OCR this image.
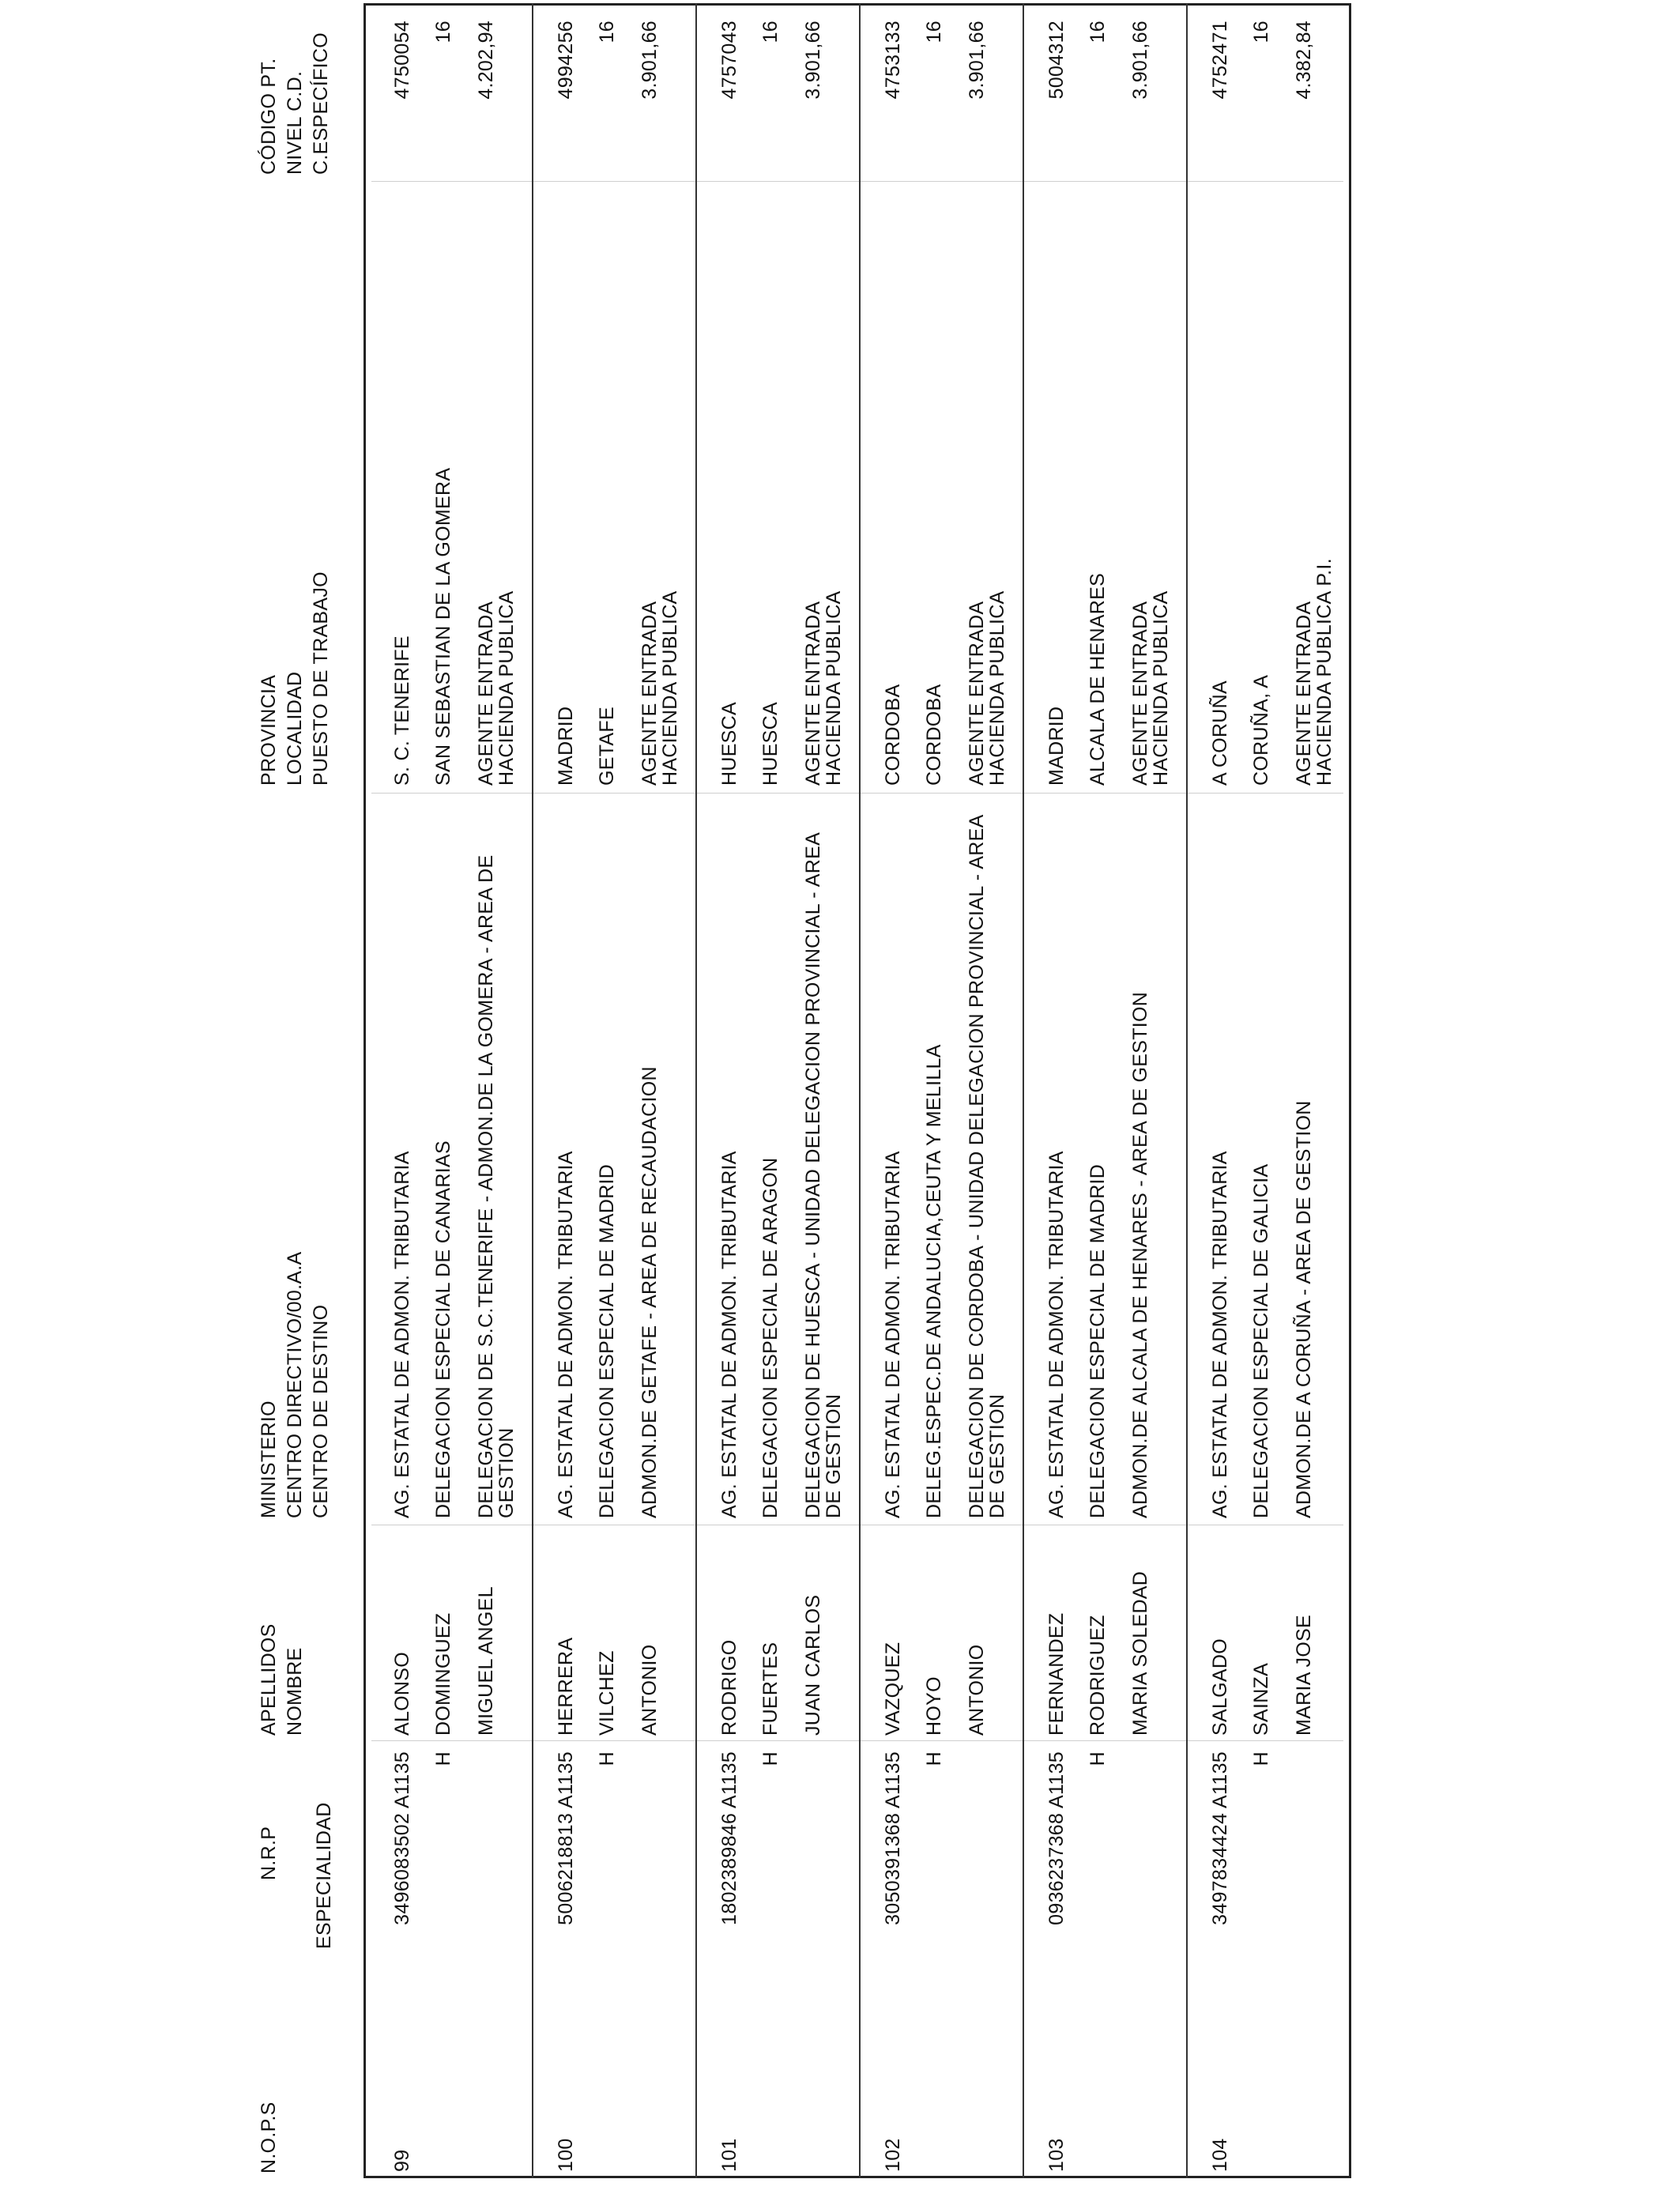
N.O.P.S
N.R.P ESPECIALIDAD
APELLIDOS NOMBRE
MINISTERIO CENTRO DIRECTIVO/00.A.A CENTRO DE DESTINO
PROVINCIA LOCALIDAD PUESTO DE TRABAJO
CÓDIGO PT. NIVEL C.D. C.ESPECÍFICO
99
3496083502 A1135 H
ALONSO DOMINGUEZ MIGUEL ANGEL
AG. ESTATAL DE ADMON. TRIBUTARIA DELEGACION ESPECIAL DE CANARIAS DELEGACION DE S.C.TENERIFE - ADMON.DE LA GOMERA - AREA DE GESTION
S. C. TENERIFE SAN SEBASTIAN DE LA GOMERA AGENTE ENTRADA HACIENDA PUBLICA
4750054 16 4.202,94
100
5006218813 A1135 H
HERRERA VILCHEZ ANTONIO
AG. ESTATAL DE ADMON. TRIBUTARIA DELEGACION ESPECIAL DE MADRID ADMON.DE GETAFE - AREA DE RECAUDACION
MADRID GETAFE AGENTE ENTRADA HACIENDA PUBLICA
4994256 16 3.901,66
101
1802389846 A1135 H
RODRIGO FUERTES JUAN CARLOS
AG. ESTATAL DE ADMON. TRIBUTARIA DELEGACION ESPECIAL DE ARAGON DELEGACION DE HUESCA - UNIDAD DELEGACION PROVINCIAL - AREA DE GESTION
HUESCA HUESCA AGENTE ENTRADA HACIENDA PUBLICA
4757043 16 3.901,66
102
3050391368 A1135 H
VAZQUEZ HOYO ANTONIO
AG. ESTATAL DE ADMON. TRIBUTARIA DELEG.ESPEC.DE ANDALUCIA,CEUTA Y MELILLA DELEGACION DE CORDOBA - UNIDAD DELEGACION PROVINCIAL - AREA DE GESTION
CORDOBA CORDOBA AGENTE ENTRADA HACIENDA PUBLICA
4753133 16 3.901,66
103
0936237368 A1135 H
FERNANDEZ RODRIGUEZ MARIA SOLEDAD
AG. ESTATAL DE ADMON. TRIBUTARIA DELEGACION ESPECIAL DE MADRID ADMON.DE ALCALA DE HENARES - AREA DE GESTION
MADRID ALCALA DE HENARES AGENTE ENTRADA HACIENDA PUBLICA
5004312 16 3.901,66
104
3497834424 A1135 H
SALGADO SAINZA MARIA JOSE
AG. ESTATAL DE ADMON. TRIBUTARIA DELEGACION ESPECIAL DE GALICIA ADMON.DE A CORUÑA - AREA DE GESTION
A CORUÑA CORUÑA, A AGENTE ENTRADA HACIENDA PUBLICA P.I.
4752471 16 4.382,84
